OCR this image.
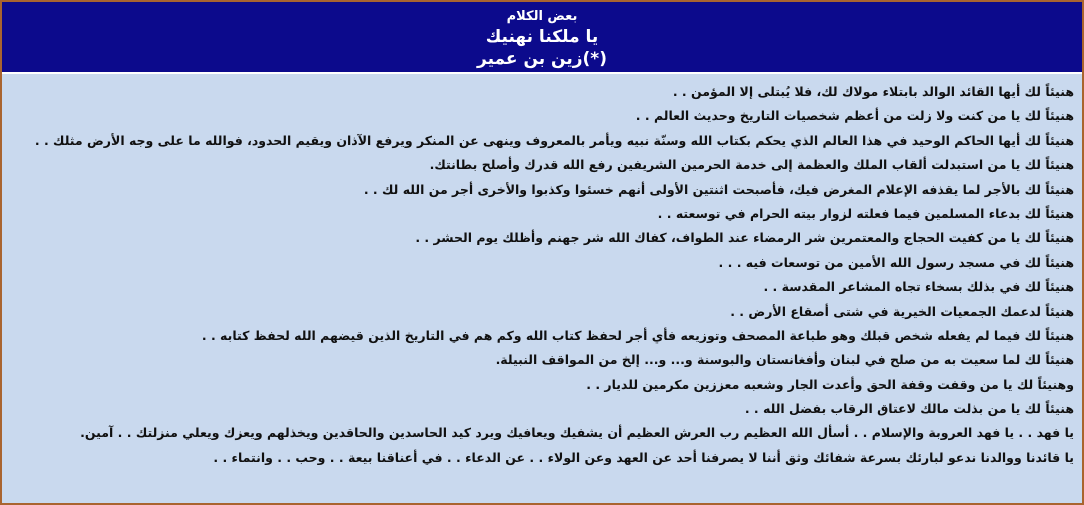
بعض الكلام
يا ملكنا نهنيك
زين بن عمير(*)
هنيئاً لك أيها القائد الوالد بابتلاء مولاك لك، فلا يُبتلى إلا المؤمن . .
هنيئاً لك يا من كنت ولا زلت من أعظم شخصيات التاريخ وحديث العالم . .
هنيئاً لك أيها الحاكم الوحيد في هذا العالم الذي يحكم بكتاب الله وسنّة نبيه ويأمر بالمعروف وينهى عن المنكر ويرفع الآذان ويقيم الحدود، فوالله ما على وجه الأرض مثلك . .
هنيئاً لك يا من استبدلت ألقاب الملك والعظمة إلى خدمة الحرمين الشريفين رفع الله قدرك وأصلح بطانتك.
هنيئاً لك بالأجر لما يقذفه الإعلام المغرض فيك، فأصبحت اثنتين الأولى أنهم خسئوا وكذبوا والأخرى أجر من الله لك . .
هنيئاً لك بدعاء المسلمين فيما فعلته لزوار بيته الحرام في توسعته . .
هنيئاً لك يا من كفيت الحجاج والمعتمرين شر الرمضاء عند الطواف، كفاك الله شر جهنم وأظلك يوم الحشر . .
هنيئاً لك في مسجد رسول الله الأمين من توسعات فيه . . .
هنيئاً لك في بذلك بسخاء تجاه المشاعر المقدسة . .
هنيئاً لدعمك الجمعيات الخيرية في شتى أصقاع الأرض . .
هنيئاً لك فيما لم يفعله شخص قبلك وهو طباعة المصحف وتوزيعه فأي أجر لحفظ كتاب الله وكم هم في التاريخ الذين قيضهم الله لحفظ كتابه . .
هنيئاً لك لما سعيت به من صلح في لبنان وأفغانستان والبوسنة و... و... إلخ من المواقف النبيلة.
وهنيئاً لك يا من وقفت وقفة الحق وأعدت الجار وشعبه معززين مكرمين للديار . .
هنيئاً لك يا من بذلت مالك لاعتاق الرقاب بفضل الله . .
يا فهد . . يا فهد العروبة والإسلام . . أسأل الله العظيم رب العرش العظيم أن يشفيك ويعافيك ويرد كيد الحاسدين والحاقدين ويخذلهم ويعزك ويعلي منزلتك . . آمين.
يا قائدنا ووالدنا ندعو لبارئك بسرعة شفائك وثق أننا لا يصرفنا أحد عن العهد وعن الولاء . . عن الدعاء . . في أعناقنا بيعة . . وحب . . وانتماء . .
